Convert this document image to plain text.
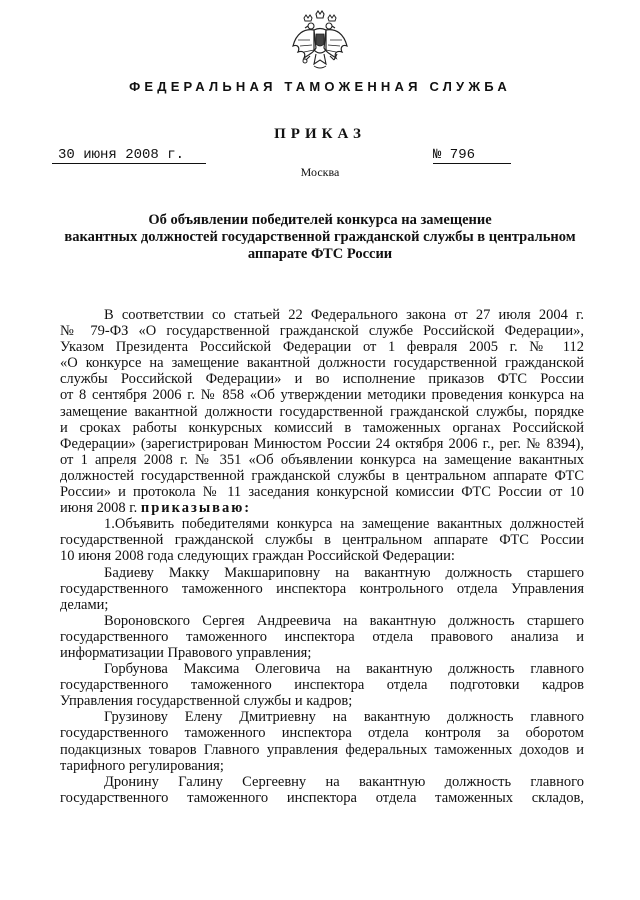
ФЕДЕРАЛЬНАЯ ТАМОЖЕННАЯ СЛУЖБА
ПРИКАЗ
30 июня 2008 г.	№ 796
Москва
Об объявлении победителей конкурса на замещение
вакантных должностей государственной гражданской службы в центральном
аппарате ФТС России

В соответствии со статьей 22 Федерального закона от 27 июля 2004 г.
№ 79-ФЗ «О государственной гражданской службе Российской Федерации»,
Указом Президента Российской Федерации от 1 февраля 2005 г. № 112
«О конкурсе на замещение вакантной должности государственной гражданской
службы Российской Федерации» и во исполнение приказов ФТС России
от 8 сентября 2006 г. № 858 «Об утверждении методики проведения конкурса на
замещение вакантной должности государственной гражданской службы, порядке
и сроках работы конкурсных комиссий в таможенных органах Российской
Федерации» (зарегистрирован Минюстом России 24 октября 2006 г., рег. № 8394),
от 1 апреля 2008 г. № 351 «Об объявлении конкурса на замещение вакантных
должностей государственной гражданской службы в центральном аппарате ФТС
России» и протокола № 11 заседания конкурсной комиссии ФТС России от 10
июня 2008 г. приказываю:

1.Объявить победителями конкурса на замещение вакантных должностей
государственной гражданской службы в центральном аппарате ФТС России
10 июня 2008 года следующих граждан Российской Федерации:

Бадиеву Макку Макшариповну на вакантную должность старшего
государственного таможенного инспектора контрольного отдела Управления
делами;

Вороновского Сергея Андреевича на вакантную должность старшего
государственного таможенного инспектора отдела правового анализа и
информатизации Правового управления;

Горбунова Максима Олеговича на вакантную должность главного
государственного таможенного инспектора отдела подготовки кадров
Управления государственной службы и кадров;

Грузинову Елену Дмитриевну на вакантную должность главного
государственного таможенного инспектора отдела контроля за оборотом
подакцизных товаров Главного управления федеральных таможенных доходов и
тарифного регулирования;

Дронину Галину Сергеевну на вакантную должность главного
государственного таможенного инспектора отдела таможенных складов,
